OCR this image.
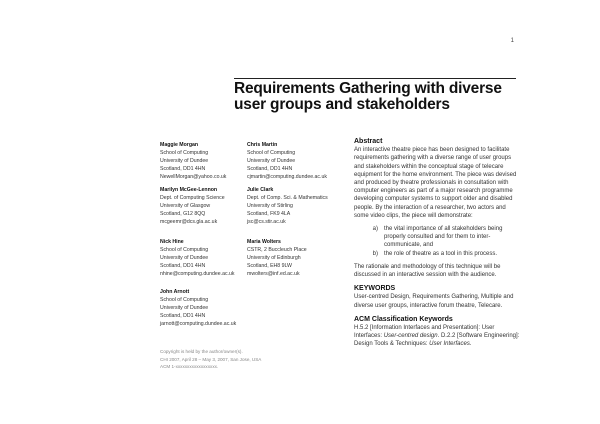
1
Requirements Gathering with diverse user groups and stakeholders
Maggie Morgan
School of Computing
University of Dundee
Scotland, DD1 4HN
NewellMorgan@yahoo.co.uk
Marilyn McGee-Lennon
Dept. of Computing Science
University of Glasgow
Scotland, G12 8QQ
mcgeemr@dcs.gla.ac.uk
Nick Hine
School of Computing
University of Dundee
Scotland, DD1 4HN
nhine@computing.dundee.ac.uk
John Arnott
School of Computing
University of Dundee
Scotland, DD1 4HN
jarnott@computing.dundee.ac.uk
Chris Martin
School of Computing
University of Dundee
Scotland, DD1 4HN
cjmartin@computing.dundee.ac.uk
Julie Clark
Dept. of Comp. Sci. & Mathematics
University of Stirling
Scotland, FK9 4LA
jsc@cs.stir.ac.uk
Maria Wolters
CSTR, 2 Buccleuch Place
University of Edinburgh
Scotland, EH8 9LW
mwolters@inf.ed.ac.uk
Copyright is held by the author/owner(s).
CHI 2007, April 28 – May 3, 2007, San Jose, USA
ACM 1-xxxxxxxxxxxxxxxxxx.

Abstract

An interactive theatre piece has been designed to facilitate requirements gathering with a diverse range of user groups and stakeholders within the conceptual stage of telecare equipment for the home environment. The piece was devised and produced by theatre professionals in consultation with computer engineers as part of a major research programme developing computer systems to support older and disabled people. By the interaction of a researcher, two actors and some video clips, the piece will demonstrate:

a)	the vital importance of all stakeholders being properly consulted and for them to inter-communicate, and
b)	the role of theatre as a tool in this process.

The rationale and methodology of this technique will be discussed in an interactive session with the audience.

KEYWORDS

User-centred Design, Requirements Gathering, Multiple and diverse user groups, interactive forum theatre, Telecare.

ACM Classification Keywords

H.5.2 [Information Interfaces and Presentation]: User Interfaces: User-centred design. D.2.2 [Software Engineering]: Design Tools & Techniques: User Interfaces.
